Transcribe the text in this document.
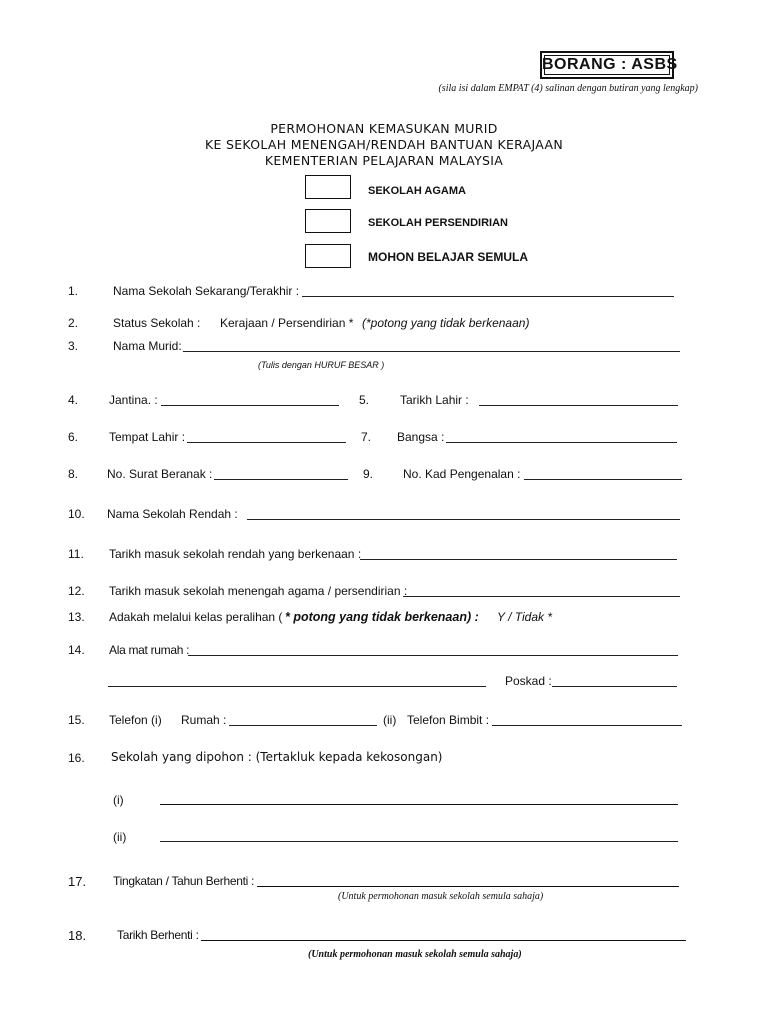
BORANG : ASBS
(sila isi dalam EMPAT (4) salinan dengan butiran yang lengkap)
PERMOHONAN KEMASUKAN MURID
KE SEKOLAH MENENGAH/RENDAH BANTUAN KERAJAAN
KEMENTERIAN PELAJARAN MALAYSIA
SEKOLAH AGAMA
SEKOLAH PERSENDIRIAN
MOHON BELAJAR SEMULA
1.	Nama Sekolah Sekarang/Terakhir :
2.	Status Sekolah : Kerajaan / Persendirian * (*potong yang tidak berkenaan)
3.	Nama Murid:
(Tulis dengan HURUF BESAR )
4.	Jantina. :	5.	Tarikh Lahir :
6.	Tempat Lahir :	7. Bangsa :
8. No. Surat Beranak :	9. No. Kad Pengenalan :
10. Nama Sekolah Rendah :
11. Tarikh masuk sekolah rendah yang berkenaan :
12. Tarikh masuk sekolah menengah agama / persendirian :
13. Adakah melalui kelas peralihan ( * potong yang tidak berkenaan) : Y / Tidak *
14. Ala mat rumah :
Poskad :
15. Telefon (i) Rumah :	(ii) Telefon Bimbit :
16. Sekolah yang dipohon : (Tertakluk kepada kekosongan)
(i)
(ii)
17. Tingkatan / Tahun Berhenti :
(Untuk permohonan masuk sekolah semula sahaja)
18.	Tarikh Berhenti :
(Untuk permohonan masuk sekolah semula sahaja)
